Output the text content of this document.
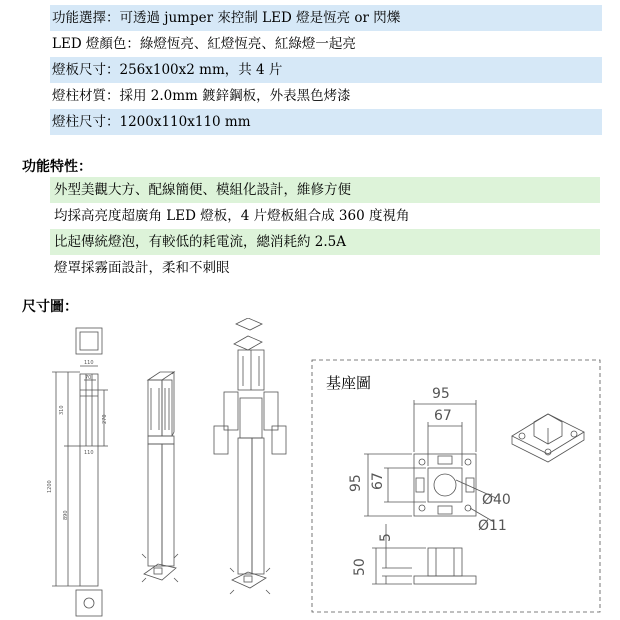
功能選擇：可透過 jumper 來控制 LED 燈是恆亮 or 閃爍
LED 燈顏色：綠燈恆亮、紅燈恆亮、紅綠燈一起亮
燈板尺寸：256x100x2 mm，共 4 片
燈柱材質：採用 2.0mm 鍍鋅鋼板，外表黑色烤漆
燈柱尺寸：1200x110x110 mm
功能特性：
外型美觀大方、配線簡便、模組化設計，維修方便
均採高亮度超廣角 LED 燈板，4 片燈板組合成 360 度視角
比起傳統燈泡，有較低的耗電流，總消耗約 2.5A
燈罩採霧面設計，柔和不刺眼
尺寸圖：
110
70
310
270
1200
890
110
基座圖
95
67
95 67
Ø40
Ø11
5
50
